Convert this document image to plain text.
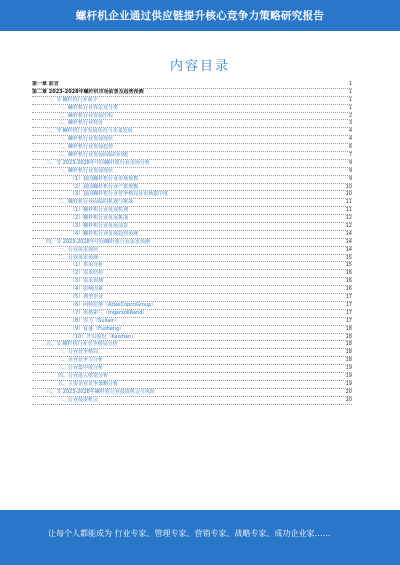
螺杆机企业通过供应链提升核心竞争力策略研究报告
内容目录
第一章 前言	1
第二章 2023-2028年螺杆机市场前景及趋势预测	1
一、节 螺杆机行业简介	1
一、螺杆机行业界定及分类	1
二、螺杆机行业发展历程	2
三、螺杆机行业特征	3
二、节 螺杆机行业发展状况与未来发展	4
一、螺杆机行业发展现状	4
二、螺杆机行业发展趋势	6
三、螺杆机行业发展面临的问题	7
三、节 2023-2028年中国螺杆机行业市场分析	9
一、螺杆机行业发展现状	9
（1）我国螺杆机行业市场规模	9
（2）我国螺杆机行业产量规模	10
（3）我国螺杆机行业竞争格局及市场集中度	10
二、螺杆机行业面临的机遇与挑战	11
（1）螺杆机行业发展机遇	11
（2）螺杆机行业发展挑战	12
（3）螺杆机行业发展前景	12
（4）螺杆机行业发展趋势预测	14
四、节 2023-2028年中国螺杆机行业需求预测	14
一、行业需求现状	14
二、行业需求预测	15
（1）供需分析	15
（2）需求结构	16
（3）需求预测	16
（4）影响因素	16
（5）典型企业	17
（6）阿特拉斯（AtlasCopcoGroup）	17
（7）英格索兰（IngersollRand）	17
（8）寿力（Sullair）	17
（9）复盛（Fusheng）	18
（10）开山股份（Kaishan）	18
五、节 螺杆机行业竞争格局分析	18
一、行业竞争格局	18
二、企业竞争力分析	18
三、行业集中度分析	19
四、行业进入壁垒分析	19
五、主要企业竞争策略分析	19
六、节 2023-2028年螺杆机行业投资机会与风险	20
一、行业投资机会	20
让每个人都能成为 行业专家、管理专家、营销专家、战略专家、成功企业家……
